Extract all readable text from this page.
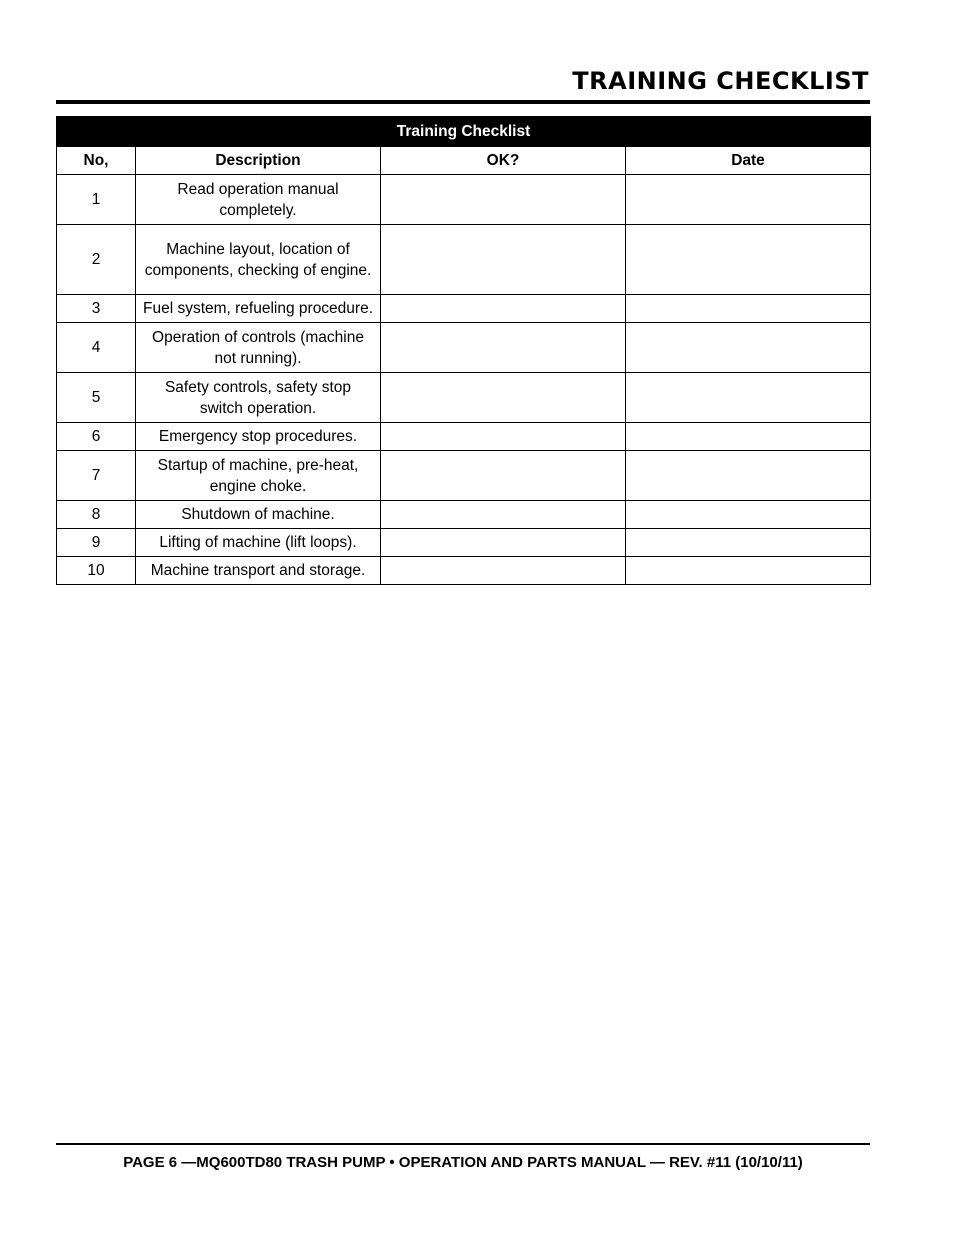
TRAINING CHECKLIST
Training Checklist			
No,	Description	OK?	Date
1	Read operation manual completely.		
2	Machine layout, location of components, checking of engine.		
3	Fuel system, refueling procedure.		
4	Operation of controls (machine not running).		
5	Safety controls, safety stop switch operation.		
6	Emergency stop procedures.		
7	Startup of machine, pre-heat, engine choke.		
8	Shutdown of machine.		
9	Lifting of machine (lift loops).		
10	Machine transport and storage.		
PAGE 6 —MQ600TD80 TRASH PUMP • OPERATION AND PARTS MANUAL — REV. #11 (10/10/11)
